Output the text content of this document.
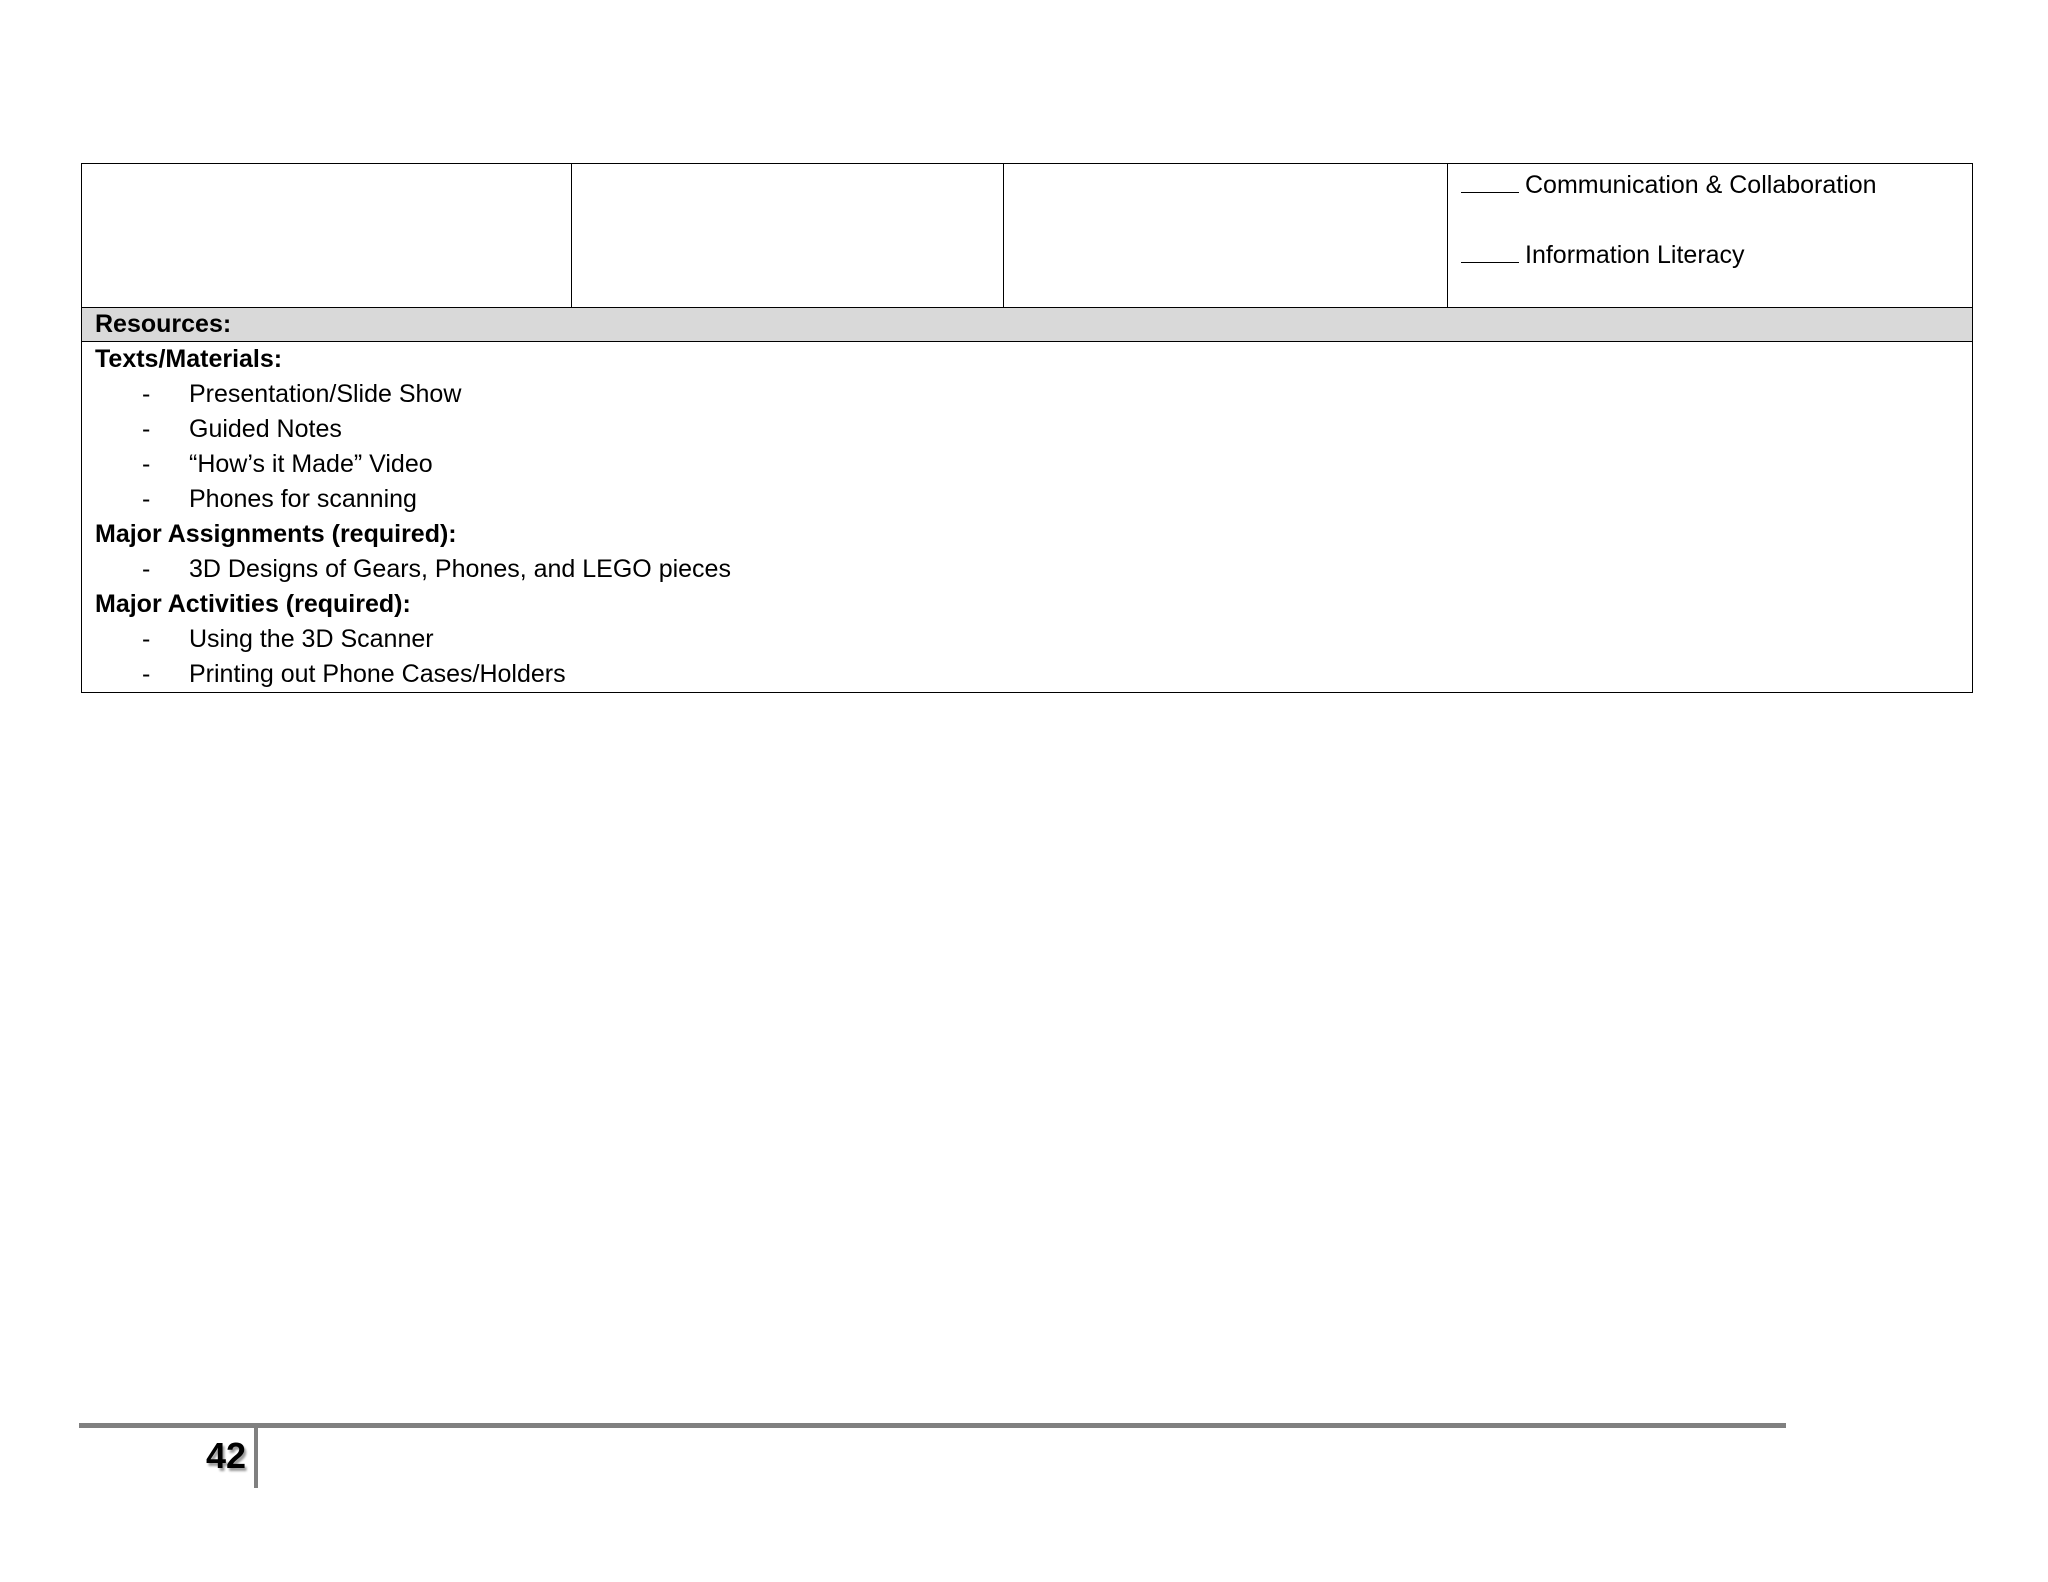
Communication & Collaboration
Information Literacy

Resources:

Texts/Materials:
- Presentation/Slide Show
- Guided Notes
- “How’s it Made” Video
- Phones for scanning
Major Assignments (required):
- 3D Designs of Gears, Phones, and LEGO pieces
Major Activities (required):
- Using the 3D Scanner
- Printing out Phone Cases/Holders
42
